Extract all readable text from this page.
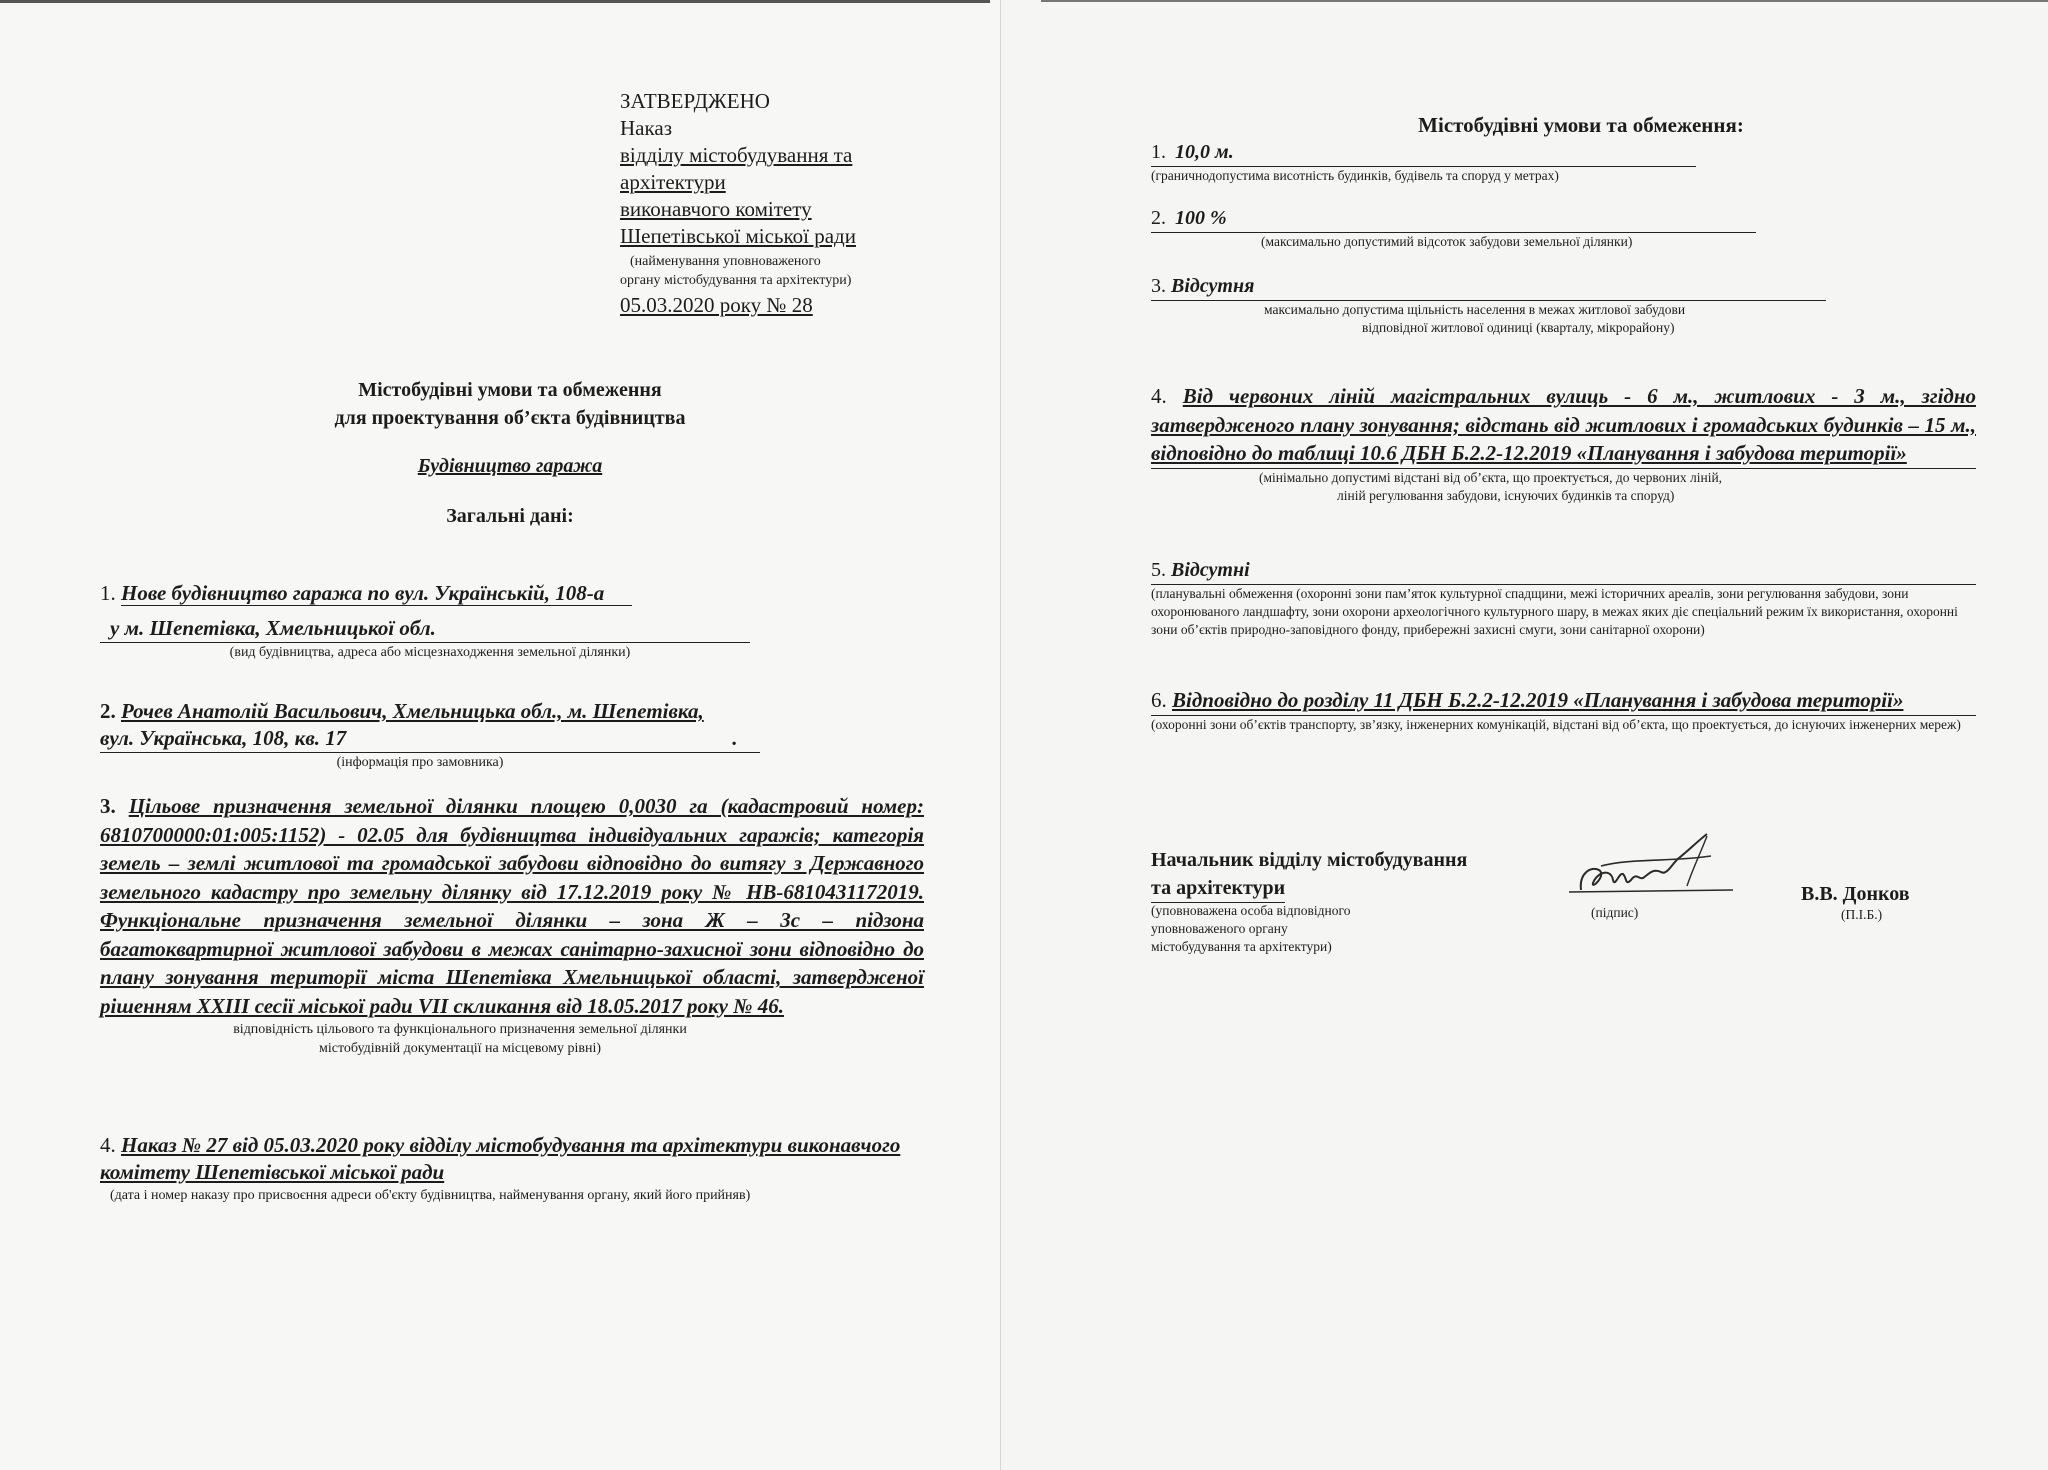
ЗАТВЕРДЖЕНО
Наказ
відділу містобудування та
архітектури
виконавчого комітету
Шепетівської міської ради
(найменування уповноваженого
органу містобудування та архітектури)
05.03.2020 року № 28
Містобудівні умови та обмеження
для проектування об’єкта будівництва
Будівництво гаража
Загальні дані:
1. Нове будівництво гаража по вул. Українській, 108-а
у м. Шепетівка, Хмельницької обл.
(вид будівництва, адреса або місцезнаходження земельної ділянки)
2. Рочев Анатолій Васильович, Хмельницька обл., м. Шепетівка,
вул. Українська, 108, кв. 17	.
(інформація про замовника)
3. Цільове призначення земельної ділянки площею 0,0030 га (кадастровий номер: 6810700000:01:005:1152) - 02.05 для будівництва індивідуальних гаражів; категорія земель – землі житлової та громадської забудови відповідно до витягу з Державного земельного кадастру про земельну ділянку від 17.12.2019 року № НВ-6810431172019. Функціональне призначення земельної ділянки – зона Ж – 3с – підзона багатоквартирної житлової забудови в межах санітарно-захисної зони відповідно до плану зонування території міста Шепетівка Хмельницької області, затвердженої рішенням XXIII сесії міської ради VII скликання від 18.05.2017 року № 46.
відповідність цільового та функціонального призначення земельної ділянки
містобудівній документації на місцевому рівні)
4. Наказ № 27 від 05.03.2020 року відділу містобудування та архітектури виконавчого комітету Шепетівської міської ради
(дата і номер наказу про присвоєння адреси об'єкту будівництва, найменування органу, який його прийняв)
Містобудівні умови та обмеження:
1. 10,0 м.
(граничнодопустима висотність будинків, будівель та споруд у метрах)
2. 100 %
(максимально допустимий відсоток забудови земельної ділянки)
3. Відсутня
максимально допустима щільність населення в межах житлової забудови
відповідної житлової одиниці (кварталу, мікрорайону)
4. Від червоних ліній магістральних вулиць - 6 м., житлових - 3 м., згідно затвердженого плану зонування; відстань від житлових і громадських будинків – 15 м., відповідно до таблиці 10.6 ДБН Б.2.2-12.2019 «Планування і забудова території»
(мінімально допустимі відстані від об’єкта, що проектується, до червоних ліній,
ліній регулювання забудови, існуючих будинків та споруд)
5. Відсутні
(планувальні обмеження (охоронні зони пам’яток культурної спадщини, межі історичних ареалів, зони регулювання забудови, зони охоронюваного ландшафту, зони охорони археологічного культурного шару, в межах яких діє спеціальний режим їх використання, охоронні зони об’єктів природно-заповідного фонду, прибережні захисні смуги, зони санітарної охорони)
6. Відповідно до розділу 11 ДБН Б.2.2-12.2019 «Планування і забудова території»
(охоронні зони об’єктів транспорту, зв’язку, інженерних комунікацій, відстані від об’єкта, що проектується, до існуючих інженерних мереж)
Начальник відділу містобудування
та архітектури
(уповноважена особа відповідного
уповноваженого органу
містобудування та архітектури)
(підпис)
В.В. Донков
(П.І.Б.)
